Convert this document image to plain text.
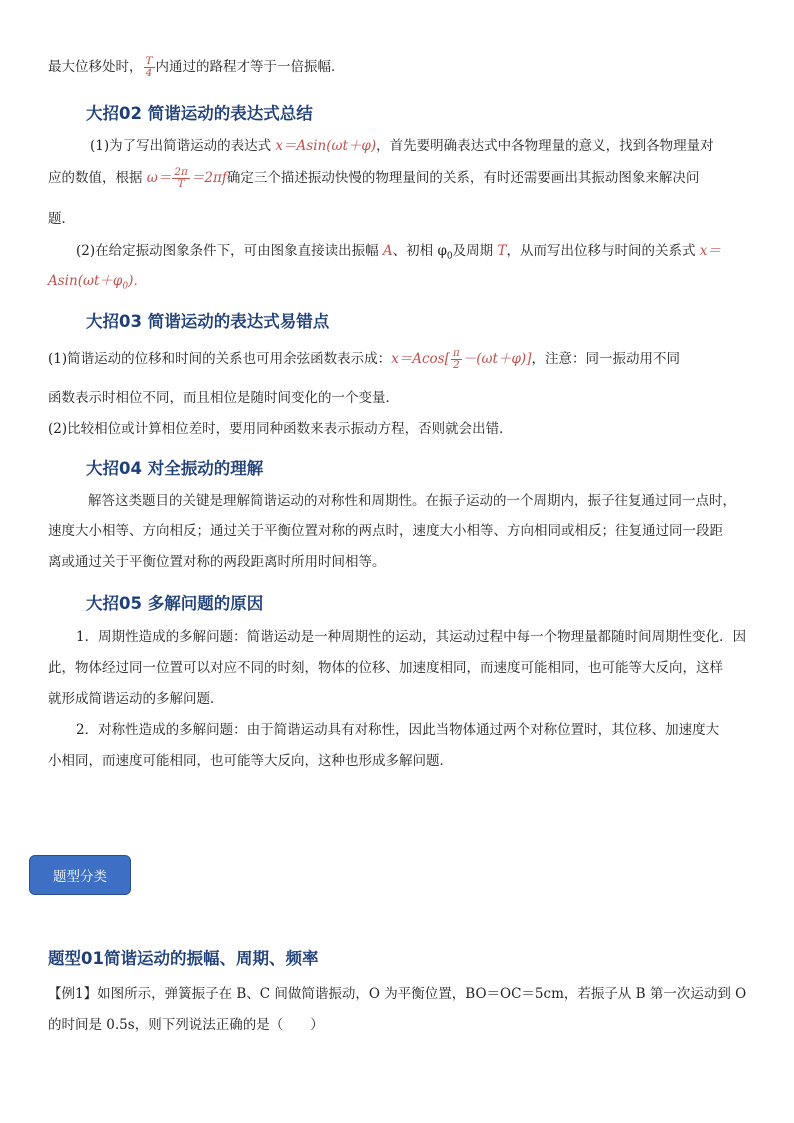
最大位移处时， $\frac{T}{4}$ 内通过的路程才等于一倍振幅．

大招02 简谐运动的表达式总结

(1)为了写出简谐运动的表达式 x＝Asin(ωt＋φ)，首先要明确表达式中各物理量的意义，找到各物理量对

应的数值，根据 $\omega= \frac{2\pi}{T} =2\pi f$确定三个描述振动快慢的物理量间的关系，有时还需要画出其振动图象来解决问

题．

(2)在给定振动图象条件下，可由图象直接读出振幅 A、初相 $\varphi_0$及周期 T，从而写出位移与时间的关系式 x＝

$Asin(\omega t+\varphi_0)$．

大招03 简谐运动的表达式易错点

(1)简谐运动的位移和时间的关系也可用余弦函数表示成：$x=Acos[ \frac{\pi}{2} -(\omega t+\varphi)]$，注意：同一振动用不同

函数表示时相位不同，而且相位是随时间变化的一个变量．

(2)比较相位或计算相位差时，要用同种函数来表示振动方程，否则就会出错．

大招04 对全振动的理解

解答这类题目的关键是理解简谐运动的对称性和周期性。在振子运动的一个周期内，振子往复通过同一点时，

速度大小相等、方向相反；通过关于平衡位置对称的两点时，速度大小相等、方向相同或相反；往复通过同一段距

离或通过关于平衡位置对称的两段距离时所用时间相等。

大招05 多解问题的原因

1．周期性造成的多解问题：简谐运动是一种周期性的运动，其运动过程中每一个物理量都随时间周期性变化．因

此，物体经过同一位置可以对应不同的时刻，物体的位移、加速度相同，而速度可能相同，也可能等大反向，这样

就形成简谐运动的多解问题．

2．对称性造成的多解问题：由于简谐运动具有对称性，因此当物体通过两个对称位置时，其位移、加速度大

小相同，而速度可能相同，也可能等大反向，这种也形成多解问题．

题型分类
题型01简谐运动的振幅、周期、频率

【例1】如图所示，弹簧振子在 B、C 间做简谐振动，O 为平衡位置，BO＝OC＝5cm，若振子从 B 第一次运动到 O

的时间是 0.5s，则下列说法正确的是（　　）
